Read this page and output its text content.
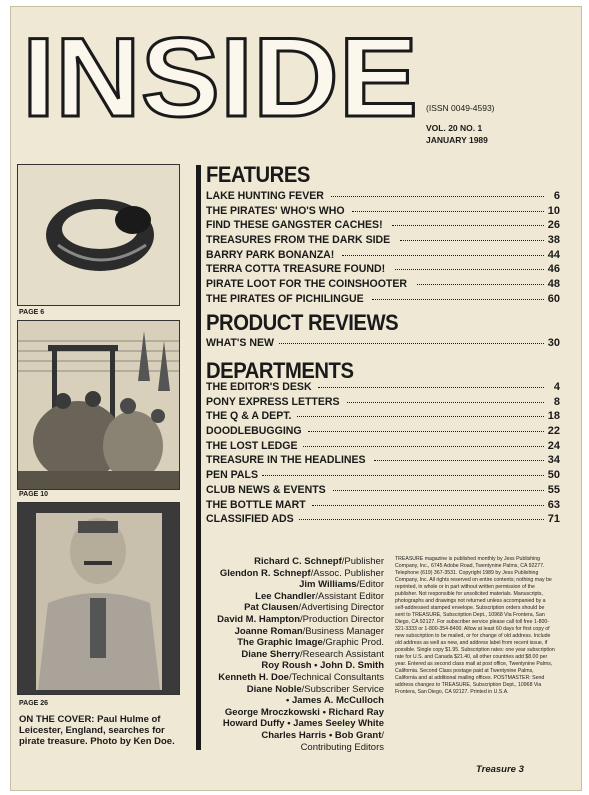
INSIDE (ISSN 0049-4593)
VOL. 20 NO. 1
JANUARY 1989
PAGE 6
PAGE 10
PAGE 26
ON THE COVER: Paul Hulme of Leicester, England, searches for pirate treasure. Photo by Ken Doe.
FEATURES
LAKE HUNTING FEVER	6
THE PIRATES' WHO'S WHO	10
FIND THESE GANGSTER CACHES!	26
TREASURES FROM THE DARK SIDE	38
BARRY PARK BONANZA!	44
TERRA COTTA TREASURE FOUND!	46
PIRATE LOOT FOR THE COINSHOOTER	48
THE PIRATES OF PICHILINGUE	60
PRODUCT REVIEWS
WHAT'S NEW	30
DEPARTMENTS
THE EDITOR'S DESK	4
PONY EXPRESS LETTERS	8
THE Q & A DEPT.	18
DOODLEBUGGING	22
THE LOST LEDGE	24
TREASURE IN THE HEADLINES	34
PEN PALS	50
CLUB NEWS & EVENTS	55
THE BOTTLE MART	63
CLASSIFIED ADS	71
Richard C. Schnepf/Publisher
Glendon R. Schnepf/Assoc. Publisher
Jim Williams/Editor
Lee Chandler/Assistant Editor
Pat Clausen/Advertising Director
David M. Hampton/Production Director
Joanne Roman/Business Manager
The Graphic Image/Graphic Prod.
Diane Sherry/Research Assistant
Roy Roush • John D. Smith
Kenneth H. Doe/Technical Consultants
Diane Noble/Subscriber Service
• James A. McCulloch
George Mroczkowski • Richard Ray
Howard Duffy • James Seeley White
Charles Harris • Bob Grant/
Contributing Editors
TREASURE magazine is published monthly by Jess Publishing Company, Inc., 6745 Adobe Road, Twentynine Palms, CA 92277. Telephone (619) 367-3531. Copyright 1989 by Jess Publishing Company, Inc. All rights reserved on entire contents; nothing may be reprinted, in whole or in part without written permission of the publisher. Not responsible for unsolicited materials. Manuscripts, photographs and drawings not returned unless accompanied by a self-addressed stamped envelope. Subscription orders should be sent to TREASURE, Subscription Dept., 10968 Via Frontera, San Diego, CA 92127. For subscriber service please call toll free 1-800-321-3333 or 1-800-354-8400. Allow at least 60 days for first copy of new subscription to be mailed, or for change of old address. Include old address as well as new, and address label from recent issue, if possible. Single copy $1.95. Subscription rates: one year subscription rate for U.S. and Canada $21.40, all other countries add $8.00 per year. Entered as second class mail at post office, Twentynine Palms, California. Second Class postage paid at Twentynine Palms, California and at additional mailing offices. POSTMASTER: Send address changes to TREASURE, Subscription Dept., 10968 Via Frontera, San Diego, CA 92127. Printed in U.S.A.
Treasure 3
